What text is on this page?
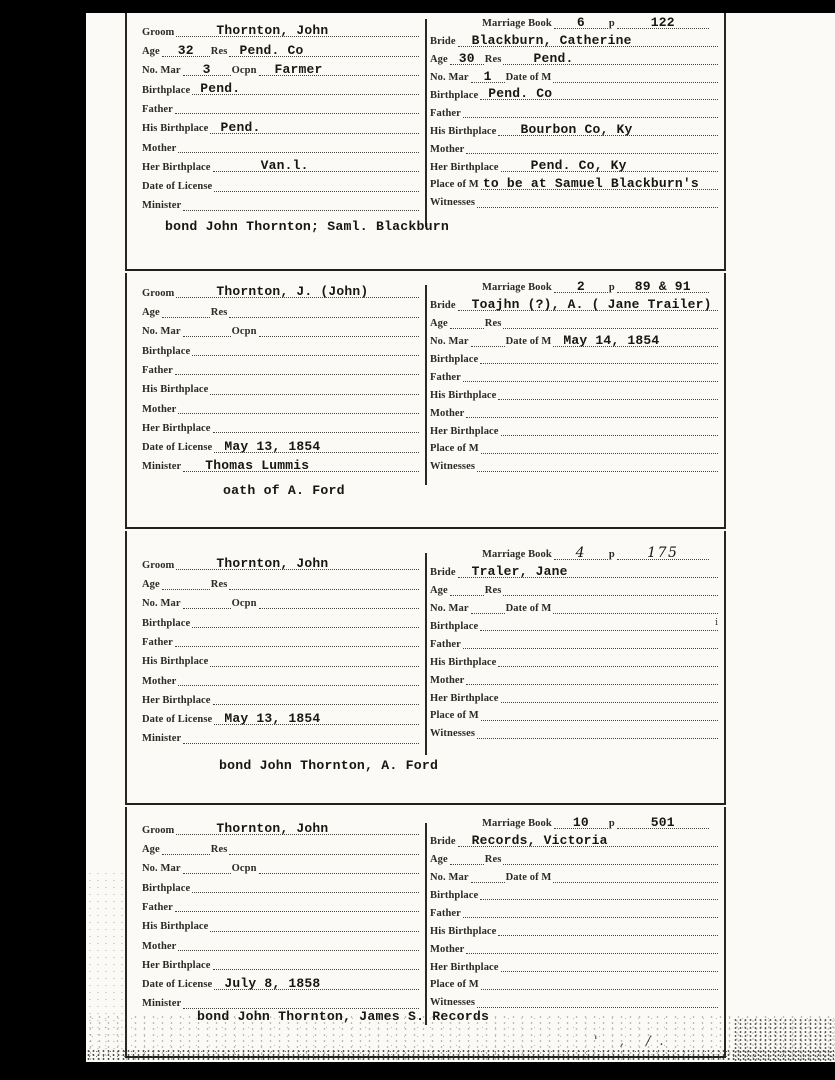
Groom	Thornton, John
Age 32 Res Pend. Co
No. Mar 3 Ocpn Farmer
Birthplace Pend.
Father
His Birthplace Pend.
Mother
Her Birthplace	Van.l.
Date of License
Minister
Marriage Book 6 p	122
Bride Blackburn, Catherine
Age 30 Res Pend.
No. Mar 1 Date of M
Birthplace Pend. Co
Father
His Birthplace Bourbon Co, Ky
Mother
Her Birthplace Pend. Co, Ky
Place of M to be at Samuel Blackburn's
Witnesses
bond John Thornton; Saml. Blackburn
Groom	Thornton, J. (John)
Age	Res
No. Mar	Ocpn
Birthplace
Father
His Birthplace
Mother
Her Birthplace
Date of License May 13, 1854
Minister Thomas Lummis
Marriage Book 2 p 89 & 91
Bride Toajhn (?), A. ( Jane Trailer)
Age	Res
No. Mar	Date of M May 14, 1854
Birthplace
Father
His Birthplace
Mother
Her Birthplace
Place of M
Witnesses
oath of A. Ford
Groom	Thornton, John
Age	Res
No. Mar	Ocpn
Birthplace
Father
His Birthplace
Mother
Her Birthplace
Date of License May 13, 1854
Minister
Marriage Book 4 p 175
Bride Traler, Jane
Age	Res
No. Mar	Date of M
Birthplace	i
Father
His Birthplace
Mother
Her Birthplace
Place of M
Witnesses
bond John Thornton, A. Ford
Groom	Thornton, John
Age	Res
No. Mar	Ocpn
Birthplace
Father
His Birthplace
Mother
Her Birthplace
Date of License July 8, 1858
Minister
Marriage Book 10 p	501
Bride Records, Victoria
Age	Res
No. Mar	Date of M
Birthplace
Father
His Birthplace
Mother
Her Birthplace
Place of M
Witnesses
bond John Thornton, James S. Records
' , /.
